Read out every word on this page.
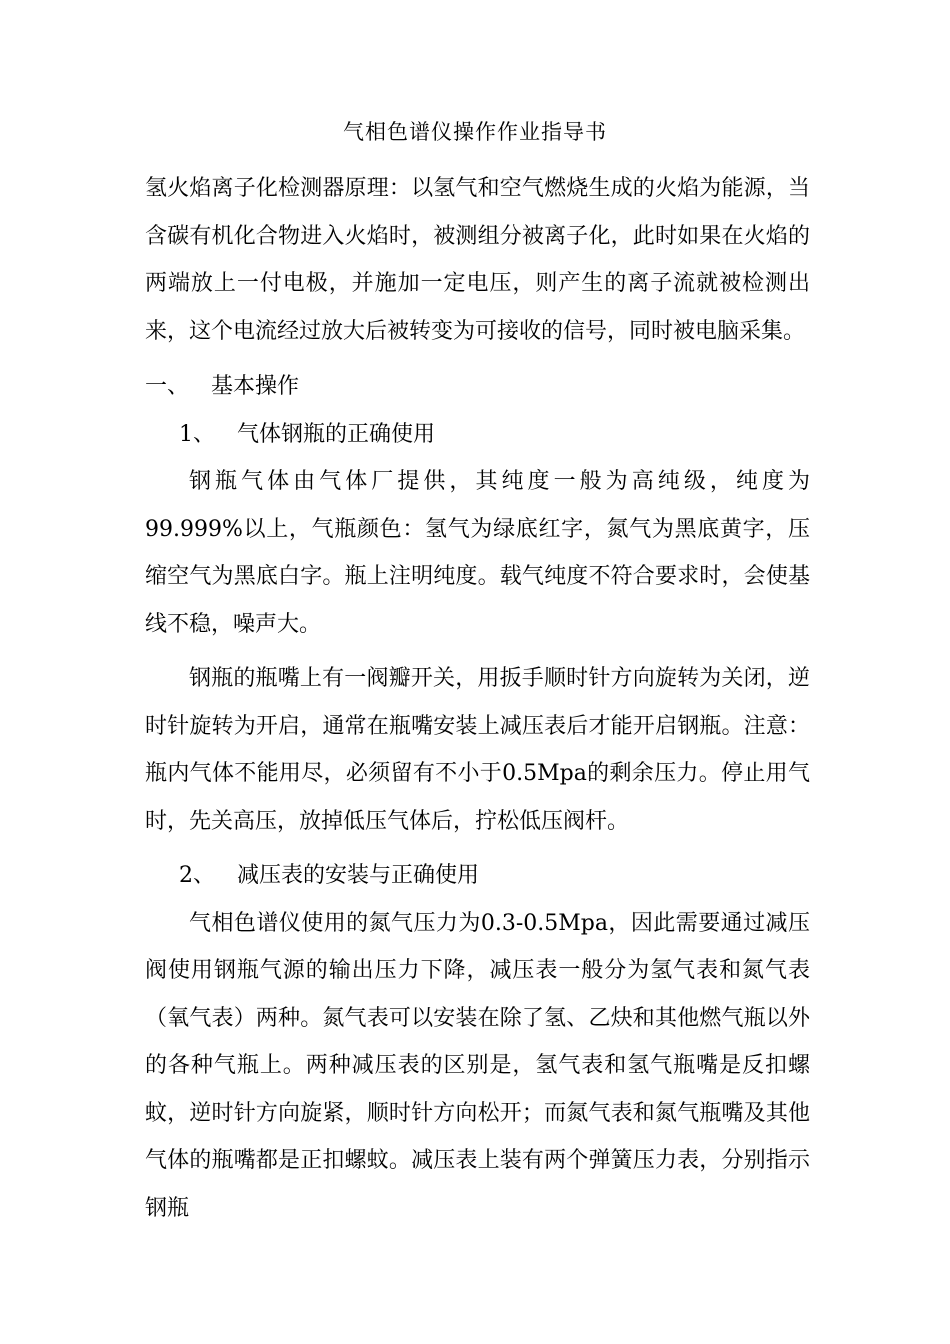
气相色谱仪操作作业指导书

氢火焰离子化检测器原理：以氢气和空气燃烧生成的火焰为能源，当含碳有机化合物进入火焰时，被测组分被离子化，此时如果在火焰的两端放上一付电极，并施加一定电压，则产生的离子流就被检测出来，这个电流经过放大后被转变为可接收的信号，同时被电脑采集。

一、 基本操作

1、 气体钢瓶的正确使用

钢瓶气体由气体厂提供，其纯度一般为高纯级，纯度为99.999%以上，气瓶颜色：氢气为绿底红字，氮气为黑底黄字，压缩空气为黑底白字。瓶上注明纯度。载气纯度不符合要求时，会使基线不稳，噪声大。

钢瓶的瓶嘴上有一阀瓣开关，用扳手顺时针方向旋转为关闭，逆时针旋转为开启，通常在瓶嘴安装上减压表后才能开启钢瓶。注意：瓶内气体不能用尽，必须留有不小于0.5Mpa的剩余压力。停止用气时，先关高压，放掉低压气体后，拧松低压阀杆。

2、 减压表的安装与正确使用

气相色谱仪使用的氮气压力为0.3-0.5Mpa，因此需要通过减压阀使用钢瓶气源的输出压力下降，减压表一般分为氢气表和氮气表（氧气表）两种。氮气表可以安装在除了氢、乙炔和其他燃气瓶以外的各种气瓶上。两种减压表的区别是，氢气表和氢气瓶嘴是反扣螺蚊，逆时针方向旋紧，顺时针方向松开；而氮气表和氮气瓶嘴及其他气体的瓶嘴都是正扣螺蚊。减压表上装有两个弹簧压力表，分别指示钢瓶
